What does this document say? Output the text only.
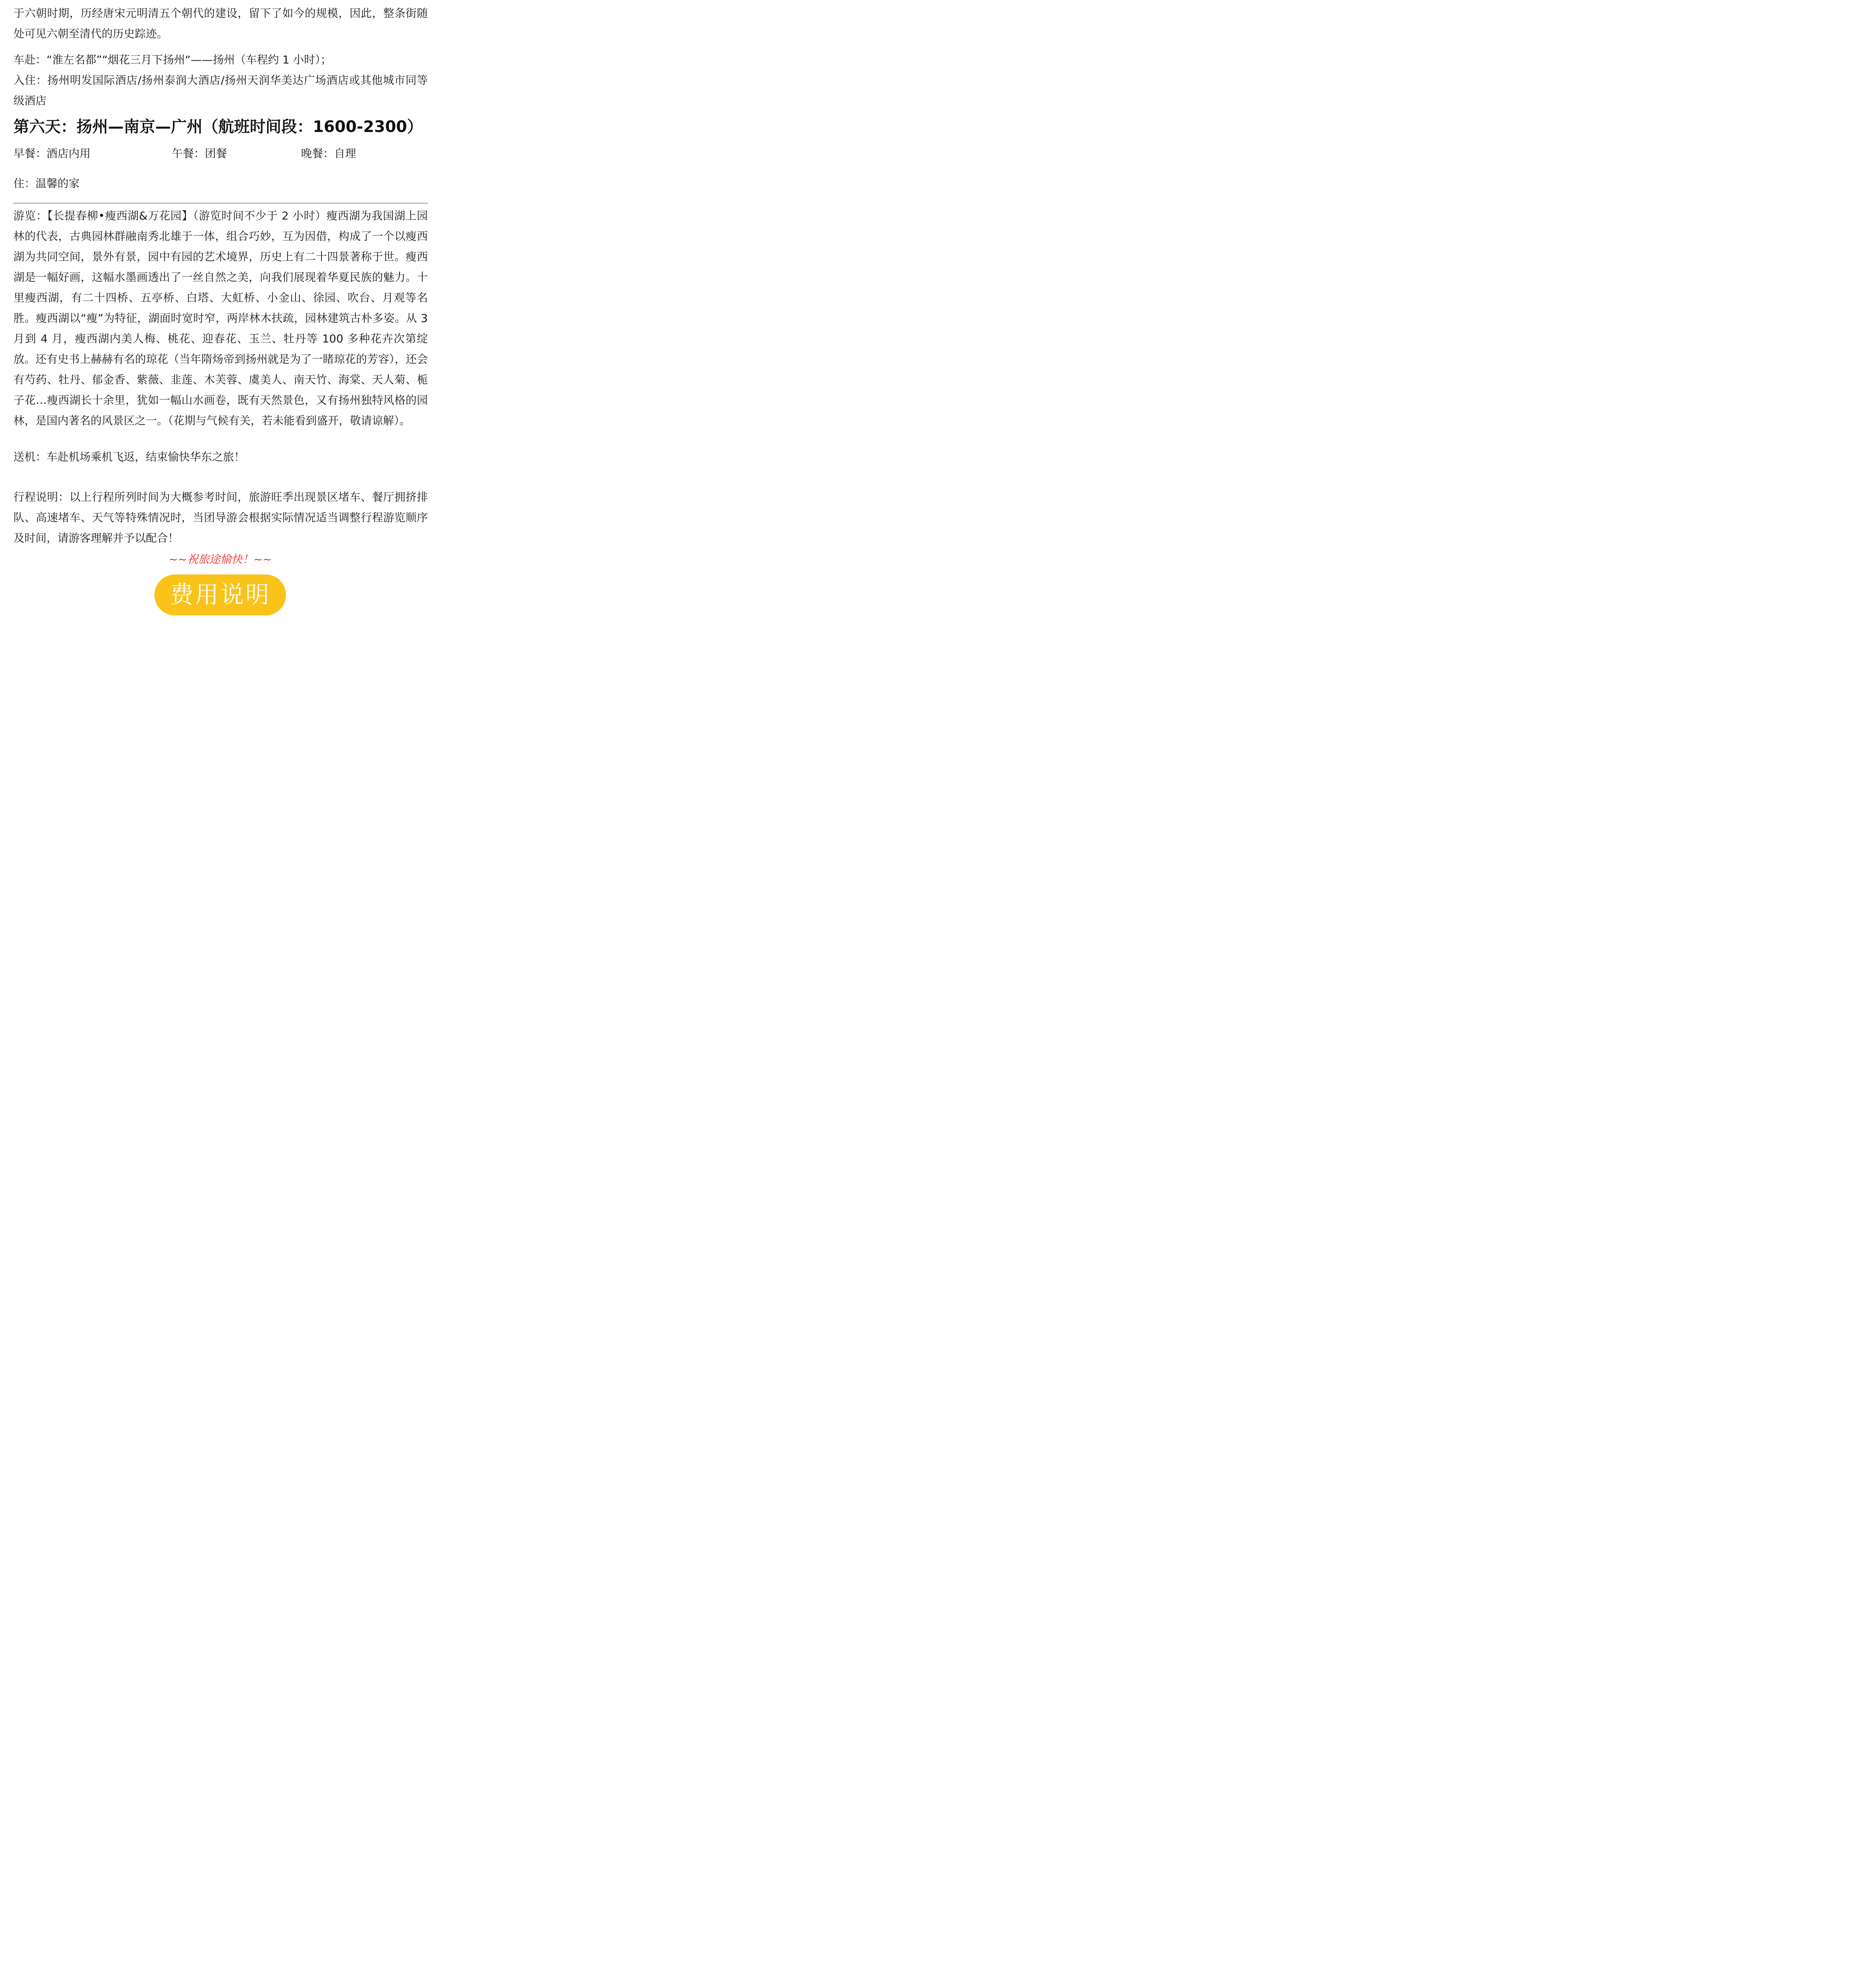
于六朝时期，历经唐宋元明清五个朝代的建设，留下了如今的规模，因此，整条街随处可见六朝至清代的历史踪迹。
车赴：“淮左名都”“烟花三月下扬州“——扬州（车程约 1 小时）；
入住：扬州明发国际酒店/扬州泰润大酒店/扬州天润华美达广场酒店或其他城市同等级酒店
第六天：扬州—南京—广州（航班时间段：1600-2300）
早餐：酒店内用	午餐：团餐	晚餐：自理
住：温馨的家
游览：【长提春柳•瘦西湖&万花园】（游览时间不少于 2 小时）瘦西湖为我国湖上园林的代表，古典园林群融南秀北雄于一体，组合巧妙，互为因借，构成了一个以瘦西湖为共同空间，景外有景，园中有园的艺术境界，历史上有二十四景著称于世。瘦西湖是一幅好画，这幅水墨画透出了一丝自然之美，向我们展现着华夏民族的魅力。十里瘦西湖，有二十四桥、五亭桥、白塔、大虹桥、小金山、徐园、吹台、月观等名胜。瘦西湖以“瘦”为特征，湖面时宽时窄，两岸林木扶疏，园林建筑古朴多姿。从 3 月到 4 月，瘦西湖内美人梅、桃花、迎春花、玉兰、牡丹等 100 多种花卉次第绽放。还有史书上赫赫有名的琼花（当年隋炀帝到扬州就是为了一睹琼花的芳容），还会有芍药、牡丹、郁金香、紫薇、韭莲、木芙蓉、虞美人、南天竹、海棠、天人菊、栀子花…瘦西湖长十余里，犹如一幅山水画卷，既有天然景色，又有扬州独特风格的园林，是国内著名的风景区之一。（花期与气候有关，若未能看到盛开，敬请谅解）。
送机：车赴机场乘机飞返，结束愉快华东之旅！
行程说明：以上行程所列时间为大概参考时间，旅游旺季出现景区堵车、餐厅拥挤排队、高速堵车、天气等特殊情况时，当团导游会根据实际情况适当调整行程游览顺序及时间，请游客理解并予以配合！
~~祝旅途愉快！~~
费用说明
